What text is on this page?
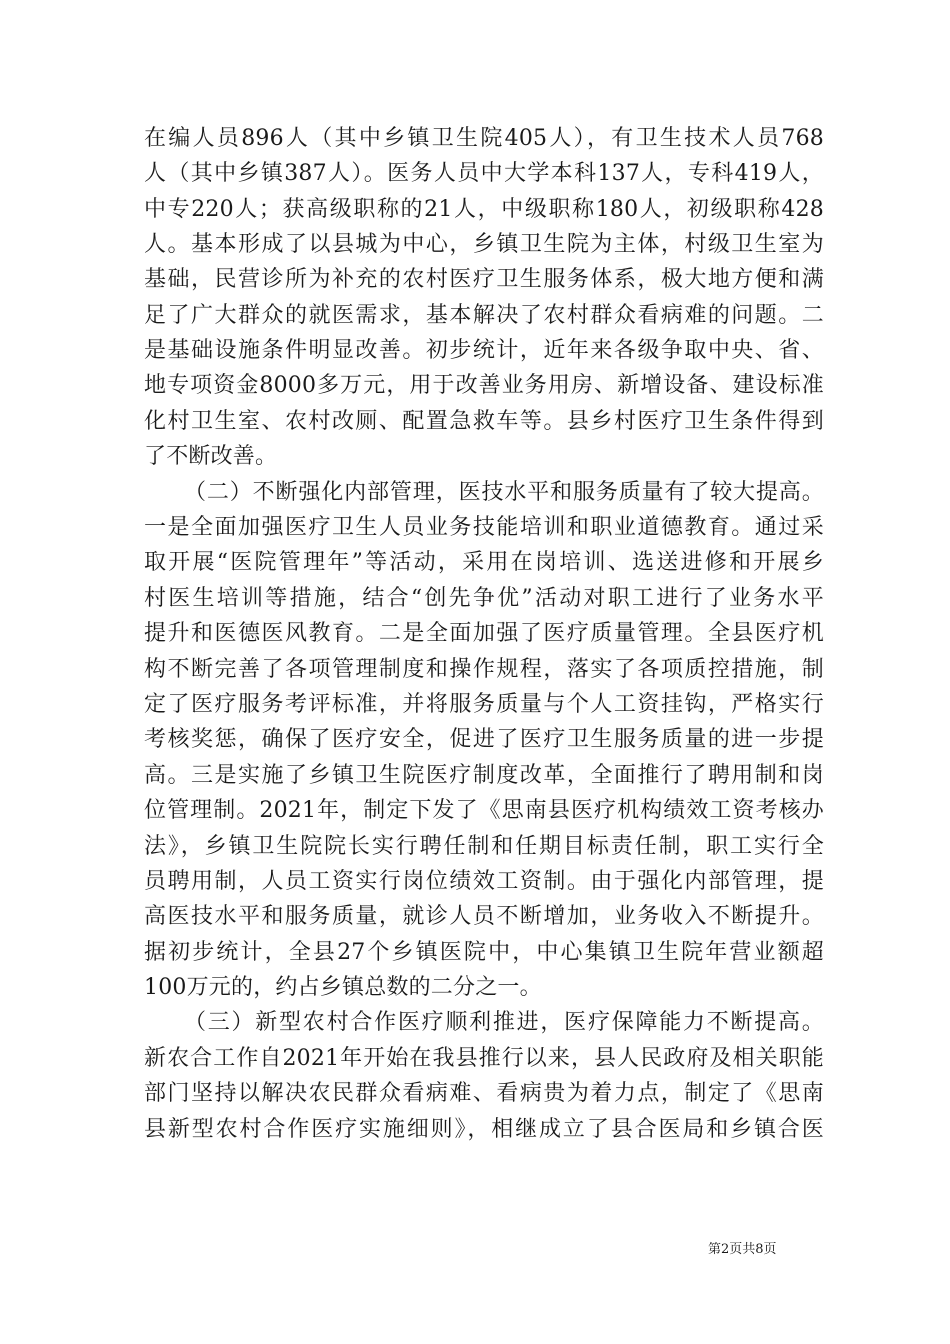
在编人员896人（其中乡镇卫生院405人），有卫生技术人员768
人（其中乡镇387人）。医务人员中大学本科137人，专科419人，
中专220人；获高级职称的21人，中级职称180人，初级职称428
人。基本形成了以县城为中心，乡镇卫生院为主体，村级卫生室为
基础，民营诊所为补充的农村医疗卫生服务体系，极大地方便和满
足了广大群众的就医需求，基本解决了农村群众看病难的问题。二
是基础设施条件明显改善。初步统计，近年来各级争取中央、省、
地专项资金8000多万元，用于改善业务用房、新增设备、建设标准
化村卫生室、农村改厕、配置急救车等。县乡村医疗卫生条件得到
了不断改善。
（二）不断强化内部管理，医技水平和服务质量有了较大提高。
一是全面加强医疗卫生人员业务技能培训和职业道德教育。通过采
取开展“医院管理年”等活动，采用在岗培训、选送进修和开展乡
村医生培训等措施，结合“创先争优”活动对职工进行了业务水平
提升和医德医风教育。二是全面加强了医疗质量管理。全县医疗机
构不断完善了各项管理制度和操作规程，落实了各项质控措施，制
定了医疗服务考评标准，并将服务质量与个人工资挂钩，严格实行
考核奖惩，确保了医疗安全，促进了医疗卫生服务质量的进一步提
高。三是实施了乡镇卫生院医疗制度改革，全面推行了聘用制和岗
位管理制。2021年，制定下发了《思南县医疗机构绩效工资考核办
法》，乡镇卫生院院长实行聘任制和任期目标责任制，职工实行全
员聘用制，人员工资实行岗位绩效工资制。由于强化内部管理，提
高医技水平和服务质量，就诊人员不断增加，业务收入不断提升。
据初步统计，全县27个乡镇医院中，中心集镇卫生院年营业额超
100万元的，约占乡镇总数的二分之一。
（三）新型农村合作医疗顺利推进，医疗保障能力不断提高。
新农合工作自2021年开始在我县推行以来，县人民政府及相关职能
部门坚持以解决农民群众看病难、看病贵为着力点，制定了《思南
县新型农村合作医疗实施细则》，相继成立了县合医局和乡镇合医
第2页共8页
